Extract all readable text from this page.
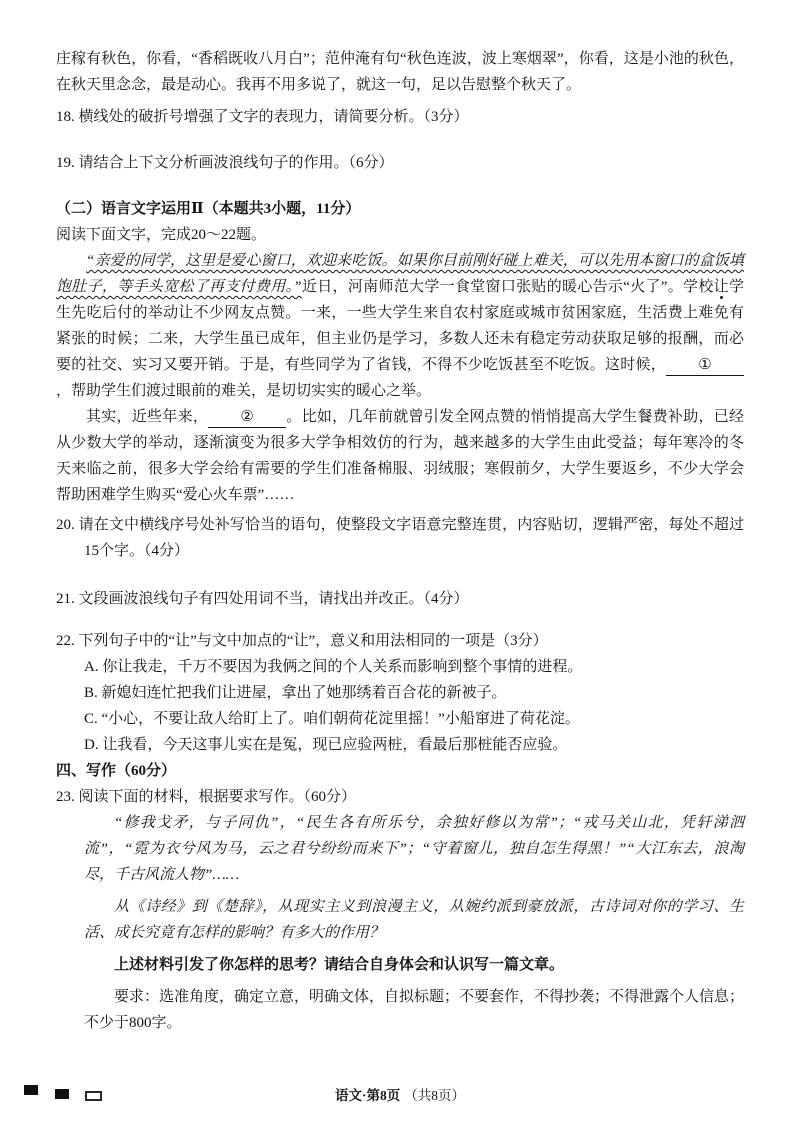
庄稼有秋色，你看，“香稻既收八月白”；范仲淹有句“秋色连波，波上寒烟翠”，你看，这是小池的秋色，在秋天里念念，最是动心。我再不用多说了，就这一句，足以告慰整个秋天了。

18. 横线处的破折号增强了文字的表现力，请简要分析。（3分）

19. 请结合上下文分析画波浪线句子的作用。（6分）

（二）语言文字运用Ⅱ（本题共3小题，11分）

阅读下面文字，完成20～22题。

“亲爱的同学，这里是爱心窗口，欢迎来吃饭。如果你目前刚好碰上难关，可以先用本窗口的盒饭填饱肚子，等手头宽松了再支付费用。”近日，河南师范大学一食堂窗口张贴的暖心告示“火了”。学校让学生先吃后付的举动让不少网友点赞。一来，一些大学生来自农村家庭或城市贫困家庭，生活费上难免有紧张的时候；二来，大学生虽已成年，但主业仍是学习，多数人还未有稳定劳动获取足够的报酬，而必要的社交、实习又要开销。于是，有些同学为了省钱，不得不少吃饭甚至不吃饭。这时候， ①，帮助学生们渡过眼前的难关，是切切实实的暖心之举。

其实，近些年来， ② 。比如，几年前就曾引发全网点赞的悄悄提高大学生餐费补助，已经从少数大学的举动，逐渐演变为很多大学争相效仿的行为，越来越多的大学生由此受益；每年寒冷的冬天来临之前，很多大学会给有需要的学生们准备棉服、羽绒服；寒假前夕，大学生要返乡，不少大学会帮助困难学生购买“爱心火车票”……

20. 请在文中横线序号处补写恰当的语句，使整段文字语意完整连贯，内容贴切，逻辑严密，每处不超过15个字。（4分）

21. 文段画波浪线句子有四处用词不当，请找出并改正。（4分）

22. 下列句子中的“让”与文中加点的“让”，意义和用法相同的一项是（3分）

A. 你让我走，千万不要因为我俩之间的个人关系而影响到整个事情的进程。

B. 新媳妇连忙把我们让进屋，拿出了她那绣着百合花的新被子。

C. “小心，不要让敌人给盯上了。咱们朝荷花淀里摇！”小船窜进了荷花淀。

D. 让我看，今天这事儿实在是冤，现已应验两桩，看最后那桩能否应验。

四、写作（60分）

23. 阅读下面的材料，根据要求写作。（60分）

“修我戈矛，与子同仇”，“民生各有所乐兮，余独好修以为常”；“戎马关山北，凭轩涕泗流”，“霓为衣兮风为马，云之君兮纷纷而来下”；“守着窗儿，独自怎生得黑！”“大江东去，浪淘尽，千古风流人物”……

从《诗经》到《楚辞》，从现实主义到浪漫主义，从婉约派到豪放派，古诗词对你的学习、生活、成长究竟有怎样的影响？有多大的作用？

上述材料引发了你怎样的思考？请结合自身体会和认识写一篇文章。

要求：选准角度，确定立意，明确文体，自拟标题；不要套作，不得抄袭；不得泄露个人信息；不少于800字。

语文·第8页 （共8页）
